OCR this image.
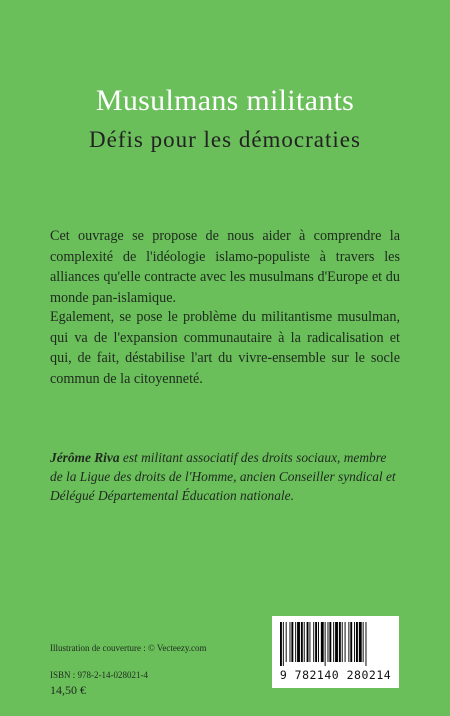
Musulmans militants
Défis pour les démocraties

Cet ouvrage se propose de nous aider à comprendre la complexité de l'idéologie islamo-populiste à travers les alliances qu'elle contracte avec les musulmans d'Europe et du monde pan-islamique.

Egalement, se pose le problème du militantisme musulman, qui va de l'expansion communautaire à la radicalisation et qui, de fait, déstabilise l'art du vivre-ensemble sur le socle commun de la citoyenneté.

Jérôme Riva est militant associatif des droits sociaux, membre de la Ligue des droits de l'Homme, ancien Conseiller syndical et Délégué Départemental Éducation nationale.

Illustration de couverture : © Vecteezy.com
ISBN : 978-2-14-028021-4
14,50 €
9 782140 280214
